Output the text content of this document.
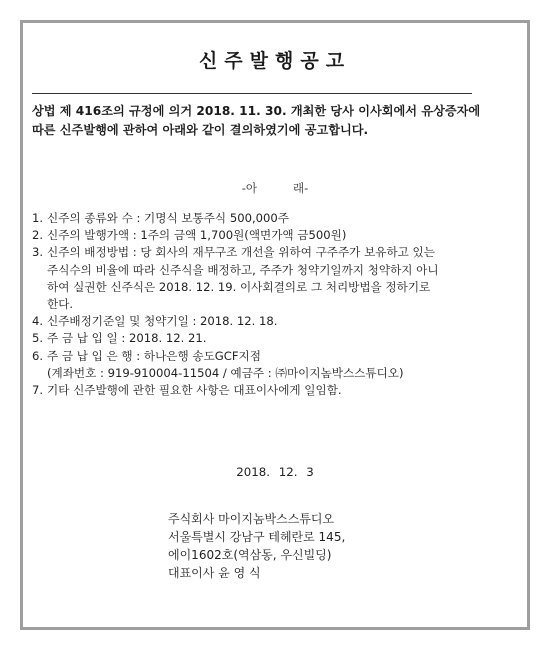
신주발행공고
상법 제 416조의 규정에 의거 2018. 11. 30. 개최한 당사 이사회에서 유상증자에 따른 신주발행에 관하여 아래와 같이 결의하였기에 공고합니다.
-아	래-
1. 신주의 종류와 수 : 기명식 보통주식 500,000주
2. 신주의 발행가액 : 1주의 금액 1,700원(액면가액 금500원)
3. 신주의 배정방법 : 당 회사의 재무구조 개선을 위하여 구주주가 보유하고 있는
주식수의 비율에 따라 신주식을 배정하고, 주주가 청약기일까지 청약하지 아니
하여 실권한 신주식은 2018. 12. 19. 이사회결의로 그 처리방법을 정하기로
한다.
4. 신주배정기준일 및 청약기일 : 2018. 12. 18.
5. 주 금 납 입 일 : 2018. 12. 21.
6. 주 금 납 입 은 행 : 하나은행 송도GCF지점
(계좌번호 : 919-910004-11504 / 예금주 : ㈜마이지놈박스스튜디오)
7. 기타 신주발행에 관한 필요한 사항은 대표이사에게 일임함.
2018. 12. 3
주식회사 마이지놈박스스튜디오
서울특별시 강남구 테헤란로 145,
에이1602호(역삼동, 우신빌딩)
대표이사 윤 영 식
